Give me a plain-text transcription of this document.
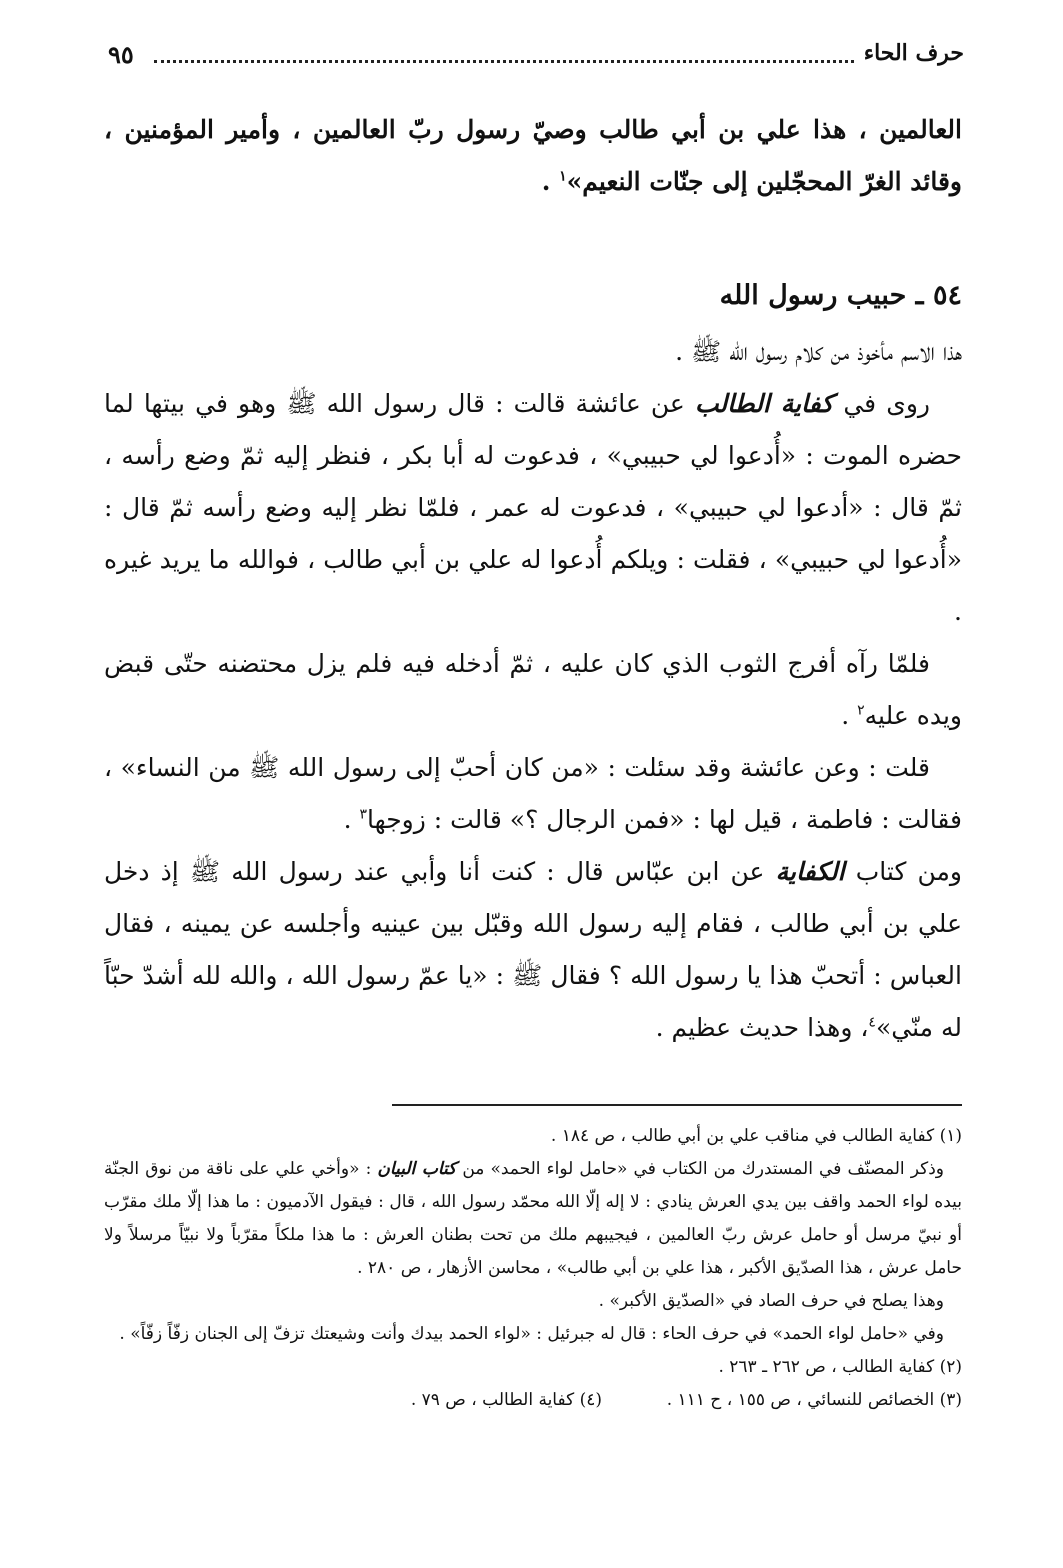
حرف الحاء
٩٥

العالمين ، هذا علي بن أبي طالب وصيّ رسول ربّ العالمين ، وأمير المؤمنين ، وقائد الغرّ المحجّلين إلى جنّات النعيم»$^١$ .

٥٤ ـ حبيب رسول الله

هذا الاسم مأخوذ من كلام رسول الله ﷺ .

روى في كفاية الطالب عن عائشة قالت : قال رسول الله ﷺ وهو في بيتها لما حضره الموت : «أُدعوا لي حبيبي» ، فدعوت له أبا بكر ، فنظر إليه ثمّ وضع رأسه ، ثمّ قال : «أدعوا لي حبيبي» ، فدعوت له عمر ، فلمّا نظر إليه وضع رأسه ثمّ قال : «أُدعوا لي حبيبي» ، فقلت : ويلكم أُدعوا له علي بن أبي طالب ، فوالله ما يريد غيره .

فلمّا رآه أفرج الثوب الذي كان عليه ، ثمّ أدخله فيه فلم يزل محتضنه حتّى قبض ويده عليه$^٢$ .

قلت : وعن عائشة وقد سئلت : «من كان أحبّ إلى رسول الله ﷺ من النساء» ، فقالت : فاطمة ، قيل لها : «فمن الرجال ؟» قالت : زوجها$^٣$ .

ومن كتاب الكفاية عن ابن عبّاس قال : كنت أنا وأبي عند رسول الله ﷺ إذ دخل علي بن أبي طالب ، فقام إليه رسول الله وقبّل بين عينيه وأجلسه عن يمينه ، فقال العباس : أتحبّ هذا يا رسول الله ؟ فقال ﷺ : «يا عمّ رسول الله ، والله لله أشدّ حبّاً له منّي»$^٤$، وهذا حديث عظيم .

(١) كفاية الطالب في مناقب علي بن أبي طالب ، ص ١٨٤ .

وذكر المصنّف في المستدرك من الكتاب في «حامل لواء الحمد» من كتاب البيان : «وأخي علي على ناقة من نوق الجنّة بيده لواء الحمد واقف بين يدي العرش ينادي : لا إله إلّا الله محمّد رسول الله ، قال : فيقول الآدميون : ما هذا إلّا ملك مقرّب أو نبيّ مرسل أو حامل عرش ربّ العالمين ، فيجيبهم ملك من تحت بطنان العرش : ما هذا ملكاً مقرّباً ولا نبيّاً مرسلاً ولا حامل عرش ، هذا الصدّيق الأكبر ، هذا علي بن أبي طالب» ، محاسن الأزهار ، ص ٢٨٠ .

وهذا يصلح في حرف الصاد في «الصدّيق الأكبر» .

وفي «حامل لواء الحمد» في حرف الحاء : قال له جبرئيل : «لواء الحمد بيدك وأنت وشيعتك تزفّ إلى الجنان زفّاً زفّاً» .

(٢) كفاية الطالب ، ص ٢٦٢ ـ ٢٦٣ .
(٣) الخصائص للنسائي ، ص ١٥٥ ، ح ١١١ .
(٤) كفاية الطالب ، ص ٧٩ .
